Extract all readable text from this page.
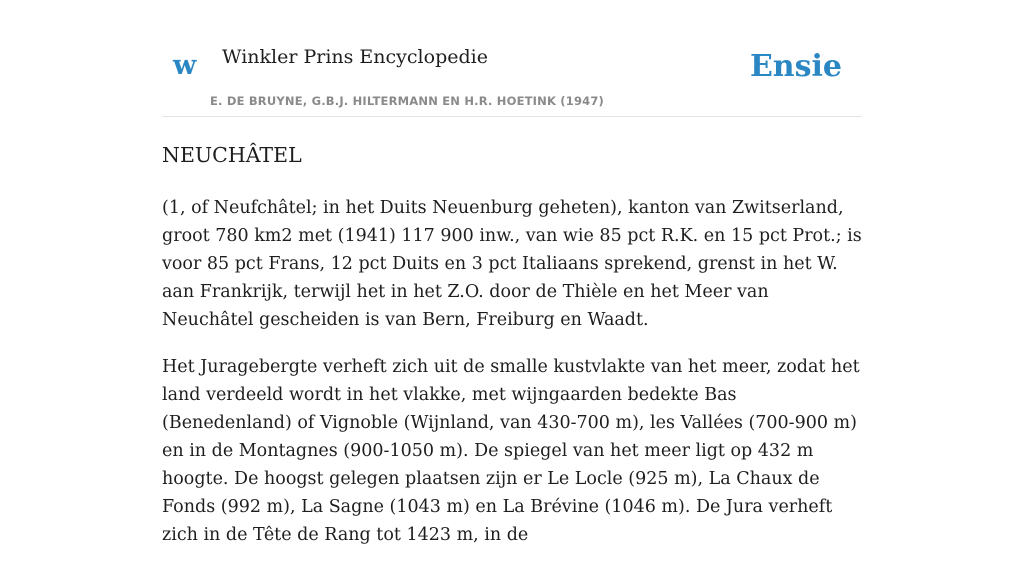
w Winkler Prins Encyclopedie	Ensie
E. DE BRUYNE, G.B.J. HILTERMANN EN H.R. HOETINK (1947)
NEUCHÂTEL

(1, of Neufchâtel; in het Duits Neuenburg geheten), kanton van Zwitserland, groot 780 km2 met (1941) 117 900 inw., van wie 85 pct R.K. en 15 pct Prot.; is voor 85 pct Frans, 12 pct Duits en 3 pct Italiaans sprekend, grenst in het W. aan Frankrijk, terwijl het in het Z.O. door de Thièle en het Meer van Neuchâtel gescheiden is van Bern, Freiburg en Waadt.

Het Juragebergte verheft zich uit de smalle kustvlakte van het meer, zodat het land verdeeld wordt in het vlakke, met wijngaarden bedekte Bas (Benedenland) of Vignoble (Wijnland, van 430-700 m), les Vallées (700-900 m) en in de Montagnes (900-1050 m). De spiegel van het meer ligt op 432 m hoogte. De hoogst gelegen plaatsen zijn er Le Locle (925 m), La Chaux de Fonds (992 m), La Sagne (1043 m) en La Brévine (1046 m). De Jura verheft zich in de Tête de Rang tot 1423 m, in de
